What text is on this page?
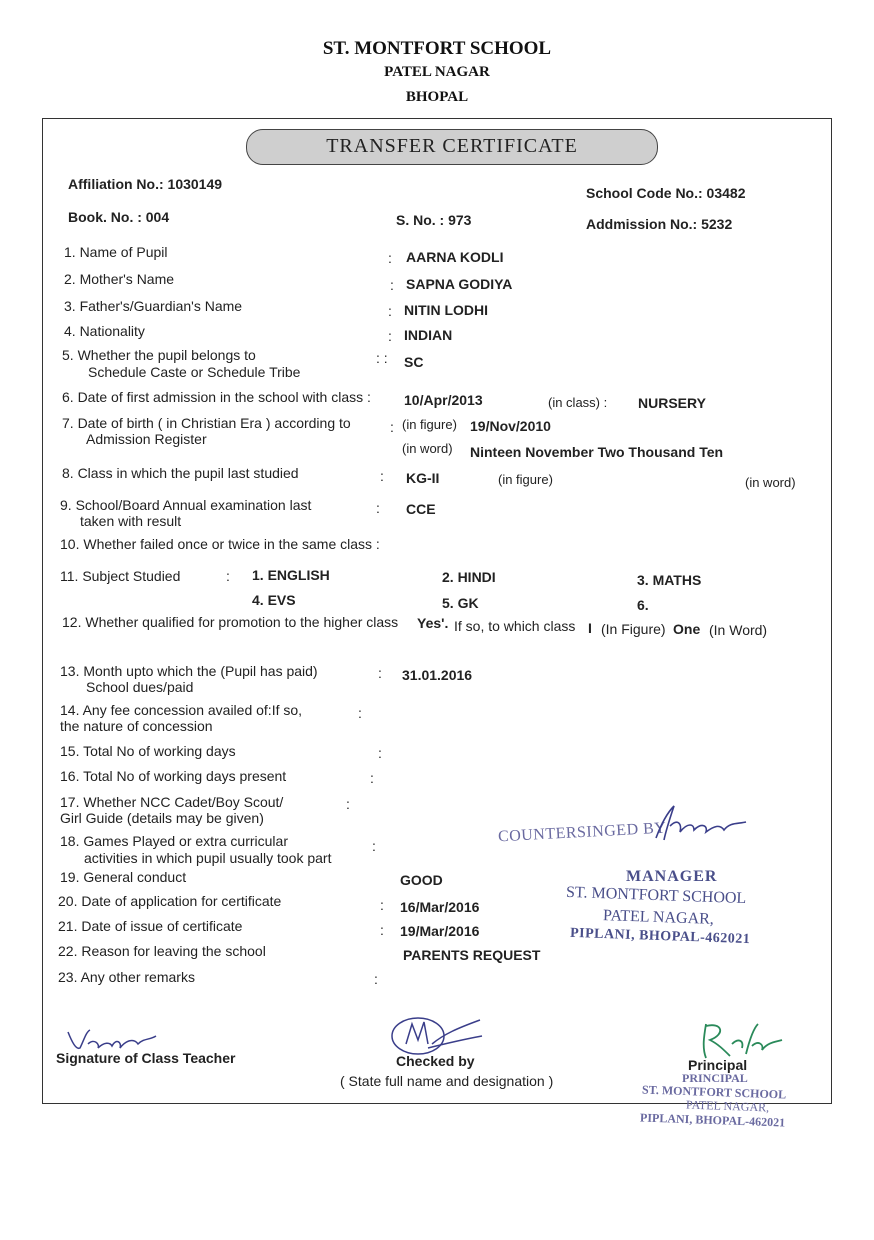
ST. MONTFORT SCHOOL
PATEL NAGAR
BHOPAL
TRANSFER CERTIFICATE
Affiliation No.: 1030149
School Code No.: 03482
Book. No. : 004	S. No. : 973	Addmission No.: 5232
1. Name of Pupil	: AARNA KODLI
2. Mother's Name	: SAPNA GODIYA
3. Father's/Guardian's Name	: NITIN LODHI
4. Nationality	: INDIAN
5. Whether the pupil belongs to
Schedule Caste or Schedule Tribe
: : SC
6. Date of first admission in the school with class : 10/Apr/2013	(in class) : NURSERY
7. Date of birth ( in Christian Era ) according to
Admission Register
: (in figure) 19/Nov/2010
(in word) Ninteen November Two Thousand Ten
8. Class in which the pupil last studied	: KG-II	(in figure)	(in word)
9. School/Board Annual examination last
taken with result
: CCE
10. Whether failed once or twice in the same class :
11. Subject Studied	: 1. ENGLISH	2. HINDI	3. MATHS
4. EVS	5. GK	6.
12. Whether qualified for promotion to the higher class Yes'. If so, to which class I (In Figure) One (In Word)
13. Month upto which the (Pupil has paid)
School dues/paid
: 31.01.2016
14. Any fee concession availed of:If so,
the nature of concession
:
15. Total No of working days	:
16. Total No of working days present	:
17. Whether NCC Cadet/Boy Scout/
Girl Guide (details may be given)
:
18. Games Played or extra curricular
activities in which pupil usually took part
:
19. General conduct	GOOD
20. Date of application for certificate	: 16/Mar/2016
21. Date of issue of certificate	: 19/Mar/2016
22. Reason for leaving the school	PARENTS REQUEST
23. Any other remarks	:
COUNTERSINGED BY
MANAGER
ST. MONTFORT SCHOOL
PATEL NAGAR,
PIPLANI, BHOPAL-462021
Signature of Class Teacher	Checked by
( State full name and designation )
Principal
PRINCIPAL
ST. MONTFORT SCHOOL
PATEL NAGAR,
PIPLANI, BHOPAL-462021
